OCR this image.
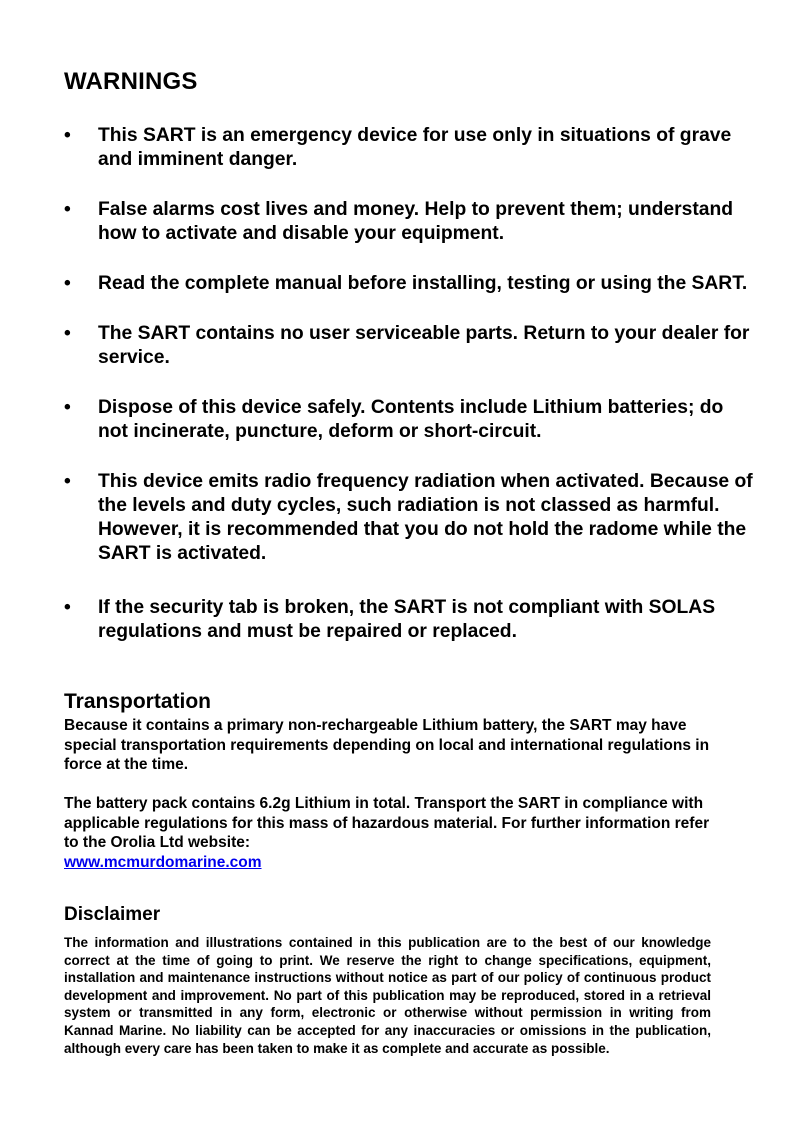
WARNINGS
•	This SART is an emergency device for use only in situations of grave and imminent danger.
•	False alarms cost lives and money. Help to prevent them; understand how to activate and disable your equipment.
•	Read the complete manual before installing, testing or using the SART.
•	The SART contains no user serviceable parts. Return to your dealer for service.
•	Dispose of this device safely. Contents include Lithium batteries; do not incinerate, puncture, deform or short-circuit.
•	This device emits radio frequency radiation when activated. Because of the levels and duty cycles, such radiation is not classed as harmful. However, it is recommended that you do not hold the radome while the SART is activated.
•	If the security tab is broken, the SART is not compliant with SOLAS regulations and must be repaired or replaced.
Transportation

Because it contains a primary non-rechargeable Lithium battery, the SART may have special transportation requirements depending on local and international regulations in force at the time.

The battery pack contains 6.2g Lithium in total. Transport the SART in compliance with applicable regulations for this mass of hazardous material. For further information refer to the Orolia Ltd website:
www.mcmurdomarine.com

Disclaimer

The information and illustrations contained in this publication are to the best of our knowledge correct at the time of going to print. We reserve the right to change specifications, equipment, installation and maintenance instructions without notice as part of our policy of continuous product development and improvement. No part of this publication may be reproduced, stored in a retrieval system or transmitted in any form, electronic or otherwise without permission in writing from Kannad Marine. No liability can be accepted for any inaccuracies or omissions in the publication, although every care has been taken to make it as complete and accurate as possible.
